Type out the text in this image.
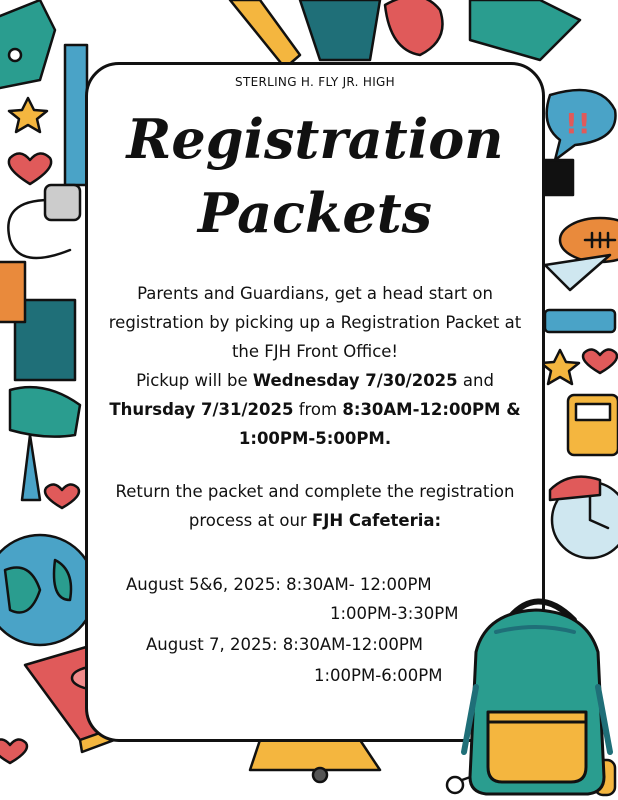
!!
STERLING H. FLY JR. HIGH
Registration
Packets
Parents and Guardians, get a head start on registration by picking up a Registration Packet at the FJH Front Office!
Pickup will be Wednesday 7/30/2025 and
Thursday 7/31/2025 from 8:30AM-12:00PM & 1:00PM-5:00PM.
Return the packet and complete the registration process at our FJH Cafeteria:
August 5&6, 2025: 8:30AM- 12:00PM
1:00PM-3:30PM
August 7, 2025: 8:30AM-12:00PM
1:00PM-6:00PM
